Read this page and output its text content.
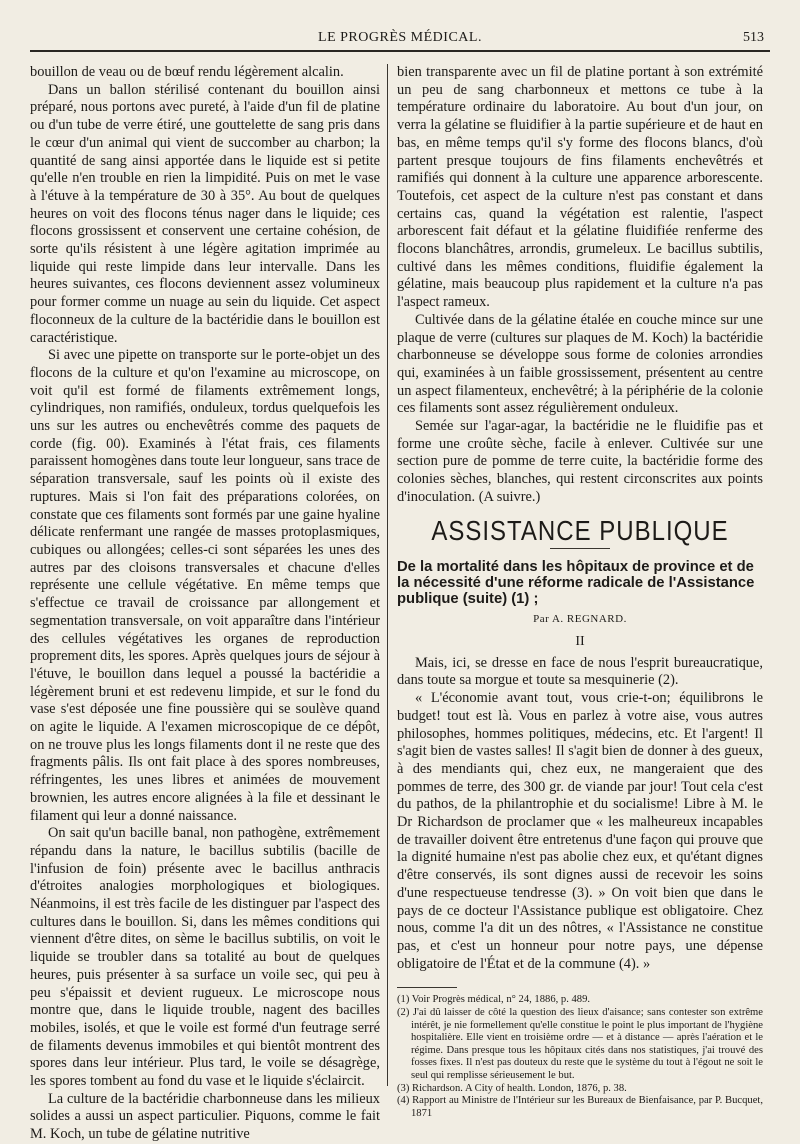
LE PROGRÈS MÉDICAL.	513

bouillon de veau ou de bœuf rendu légèrement alcalin.

Dans un ballon stérilisé contenant du bouillon ainsi préparé, nous portons avec pureté, à l'aide d'un fil de platine ou d'un tube de verre étiré, une gouttelette de sang pris dans le cœur d'un animal qui vient de succomber au charbon; la quantité de sang ainsi apportée dans le liquide est si petite qu'elle n'en trouble en rien la limpidité. Puis on met le vase à l'étuve à la température de 30 à 35°. Au bout de quelques heures on voit des flocons ténus nager dans le liquide; ces flocons grossissent et conservent une certaine cohésion, de sorte qu'ils résistent à une légère agitation imprimée au liquide qui reste limpide dans leur intervalle. Dans les heures suivantes, ces flocons deviennent assez volumineux pour former comme un nuage au sein du liquide. Cet aspect floconneux de la culture de la bactéridie dans le bouillon est caractéristique.

Si avec une pipette on transporte sur le porte-objet un des flocons de la culture et qu'on l'examine au microscope, on voit qu'il est formé de filaments extrêmement longs, cylindriques, non ramifiés, onduleux, tordus quelquefois les uns sur les autres ou enchevêtrés comme des paquets de corde (fig. 00). Examinés à l'état frais, ces filaments paraissent homogènes dans toute leur longueur, sans trace de séparation transversale, sauf les points où il existe des ruptures. Mais si l'on fait des préparations colorées, on constate que ces filaments sont formés par une gaine hyaline délicate renfermant une rangée de masses protoplasmiques, cubiques ou allongées; celles-ci sont séparées les unes des autres par des cloisons transversales et chacune d'elles représente une cellule végétative. En même temps que s'effectue ce travail de croissance par allongement et segmentation transversale, on voit apparaître dans l'intérieur des cellules végétatives les organes de reproduction proprement dits, les spores. Après quelques jours de séjour à l'étuve, le bouillon dans lequel a poussé la bactéridie a légèrement bruni et est redevenu limpide, et sur le fond du vase s'est déposée une fine poussière qui se soulève quand on agite le liquide. A l'examen microscopique de ce dépôt, on ne trouve plus les longs filaments dont il ne reste que des fragments pâlis. Ils ont fait place à des spores nombreuses, réfringentes, les unes libres et animées de mouvement brownien, les autres encore alignées à la file et dessinant le filament qui leur a donné naissance.

On sait qu'un bacille banal, non pathogène, extrêmement répandu dans la nature, le bacillus subtilis (bacille de l'infusion de foin) présente avec le bacillus anthracis d'étroites analogies morphologiques et biologiques. Néanmoins, il est très facile de les distinguer par l'aspect des cultures dans le bouillon. Si, dans les mêmes conditions qui viennent d'être dites, on sème le bacillus subtilis, on voit le liquide se troubler dans sa totalité au bout de quelques heures, puis présenter à sa surface un voile sec, qui peu à peu s'épaissit et devient rugueux. Le microscope nous montre que, dans le liquide trouble, nagent des bacilles mobiles, isolés, et que le voile est formé d'un feutrage serré de filaments devenus immobiles et qui bientôt montrent des spores dans leur intérieur. Plus tard, le voile se désagrège, les spores tombent au fond du vase et le liquide s'éclaircit.

La culture de la bactéridie charbonneuse dans les milieux solides a aussi un aspect particulier. Piquons, comme le fait M. Koch, un tube de gélatine nutritive

bien transparente avec un fil de platine portant à son extrémité un peu de sang charbonneux et mettons ce tube à la température ordinaire du laboratoire. Au bout d'un jour, on verra la gélatine se fluidifier à la partie supérieure et de haut en bas, en même temps qu'il s'y forme des flocons blancs, d'où partent presque toujours de fins filaments enchevêtrés et ramifiés qui donnent à la culture une apparence arborescente. Toutefois, cet aspect de la culture n'est pas constant et dans certains cas, quand la végétation est ralentie, l'aspect arborescent fait défaut et la gélatine fluidifiée renferme des flocons blanchâtres, arrondis, grumeleux. Le bacillus subtilis, cultivé dans les mêmes conditions, fluidifie également la gélatine, mais beaucoup plus rapidement et la culture n'a pas l'aspect rameux.

Cultivée dans de la gélatine étalée en couche mince sur une plaque de verre (cultures sur plaques de M. Koch) la bactéridie charbonneuse se développe sous forme de colonies arrondies qui, examinées à un faible grossissement, présentent au centre un aspect filamenteux, enchevêtré; à la périphérie de la colonie ces filaments sont assez régulièrement onduleux.

Semée sur l'agar-agar, la bactéridie ne le fluidifie pas et forme une croûte sèche, facile à enlever. Cultivée sur une section pure de pomme de terre cuite, la bactéridie forme des colonies sèches, blanches, qui restent circonscrites aux points d'inoculation. (A suivre.)

ASSISTANCE PUBLIQUE
De la mortalité dans les hôpitaux de province et de la nécessité d'une réforme radicale de l'Assistance publique (suite) (1) ;
Par A. REGNARD.
II

Mais, ici, se dresse en face de nous l'esprit bureaucratique, dans toute sa morgue et toute sa mesquinerie (2).

« L'économie avant tout, vous crie-t-on; équilibrons le budget! tout est là. Vous en parlez à votre aise, vous autres philosophes, hommes politiques, médecins, etc. Et l'argent! Il s'agit bien de vastes salles! Il s'agit bien de donner à des gueux, à des mendiants qui, chez eux, ne mangeraient que des pommes de terre, des 300 gr. de viande par jour! Tout cela c'est du pathos, de la philantrophie et du socialisme! Libre à M. le Dr Richardson de proclamer que « les malheureux incapables de travailler doivent être entretenus d'une façon qui prouve que la dignité humaine n'est pas abolie chez eux, et qu'étant dignes d'être conservés, ils sont dignes aussi de recevoir les soins d'une respectueuse tendresse (3). » On voit bien que dans le pays de ce docteur l'Assistance publique est obligatoire. Chez nous, comme l'a dit un des nôtres, « l'Assistance ne constitue pas, et c'est un honneur pour notre pays, une dépense obligatoire de l'État et de la commune (4). »

(1) Voir Progrès médical, n° 24, 1886, p. 489.

(2) J'ai dû laisser de côté la question des lieux d'aisance; sans contester son extrême intérêt, je nie formellement qu'elle constitue le point le plus important de l'hygiène hospitalière. Elle vient en troisième ordre — et à distance — après l'aération et le régime. Dans presque tous les hôpitaux cités dans nos statistiques, j'ai trouvé des fosses fixes. Il n'est pas douteux du reste que le système du tout à l'égout ne soit le seul qui remplisse sérieusement le but.

(3) Richardson. A City of health. London, 1876, p. 38.

(4) Rapport au Ministre de l'Intérieur sur les Bureaux de Bienfaisance, par P. Bucquet, 1871
